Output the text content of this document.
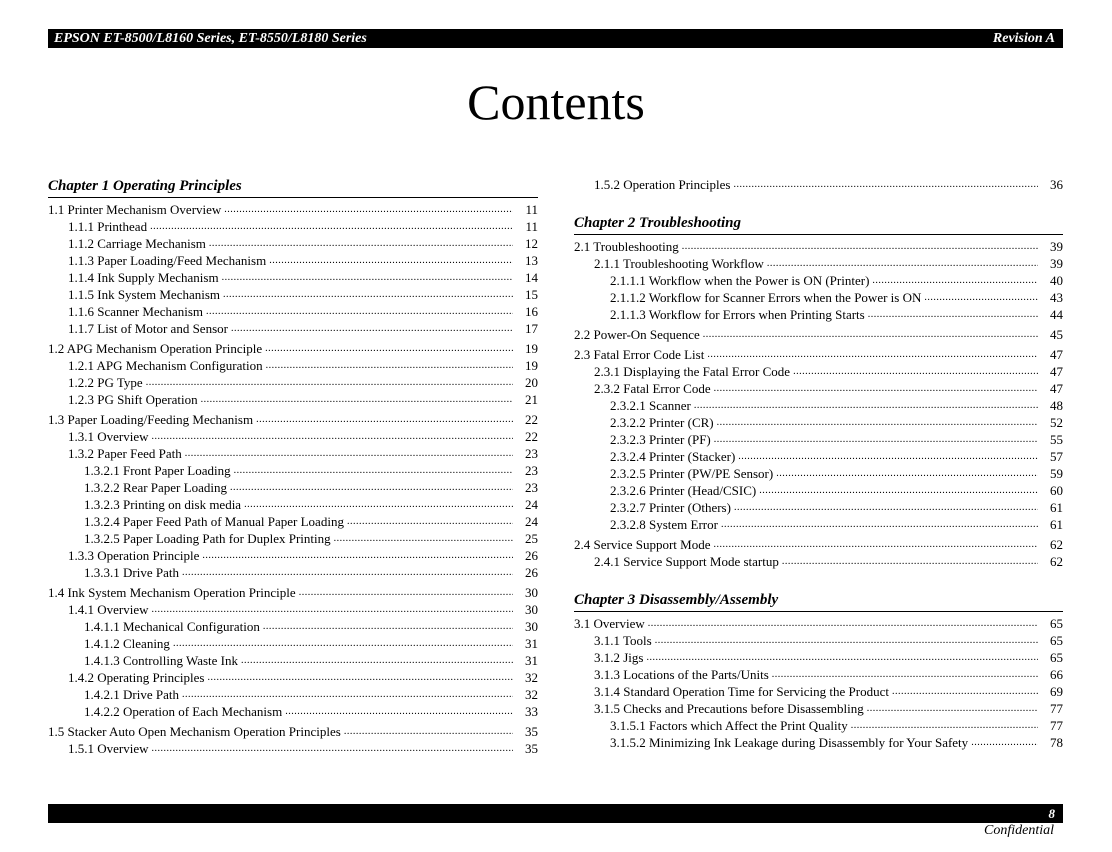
EPSON ET-8500/L8160 Series, ET-8550/L8180 Series	Revision A
Contents
Chapter 1 Operating Principles
1.1 Printer Mechanism Overview .....	11
1.1.1 Printhead .....	11
1.1.2 Carriage Mechanism .....	12
1.1.3 Paper Loading/Feed Mechanism .....	13
1.1.4 Ink Supply Mechanism .....	14
1.1.5 Ink System Mechanism .....	15
1.1.6 Scanner Mechanism .....	16
1.1.7 List of Motor and Sensor .....	17
1.2 APG Mechanism Operation Principle .....	19
1.2.1 APG Mechanism Configuration .....	19
1.2.2 PG Type .....	20
1.2.3 PG Shift Operation .....	21
1.3 Paper Loading/Feeding Mechanism .....	22
1.3.1 Overview .....	22
1.3.2 Paper Feed Path .....	23
1.3.2.1 Front Paper Loading .....	23
1.3.2.2 Rear Paper Loading .....	23
1.3.2.3 Printing on disk media .....	24
1.3.2.4 Paper Feed Path of Manual Paper Loading .....	24
1.3.2.5 Paper Loading Path for Duplex Printing .....	25
1.3.3 Operation Principle .....	26
1.3.3.1 Drive Path .....	26
1.4 Ink System Mechanism Operation Principle .....	30
1.4.1 Overview .....	30
1.4.1.1 Mechanical Configuration .....	30
1.4.1.2 Cleaning .....	31
1.4.1.3 Controlling Waste Ink .....	31
1.4.2 Operating Principles .....	32
1.4.2.1 Drive Path .....	32
1.4.2.2 Operation of Each Mechanism .....	33
1.5 Stacker Auto Open Mechanism Operation Principles .....	35
1.5.1 Overview .....	35
1.5.2 Operation Principles .....	36
Chapter 2 Troubleshooting
2.1 Troubleshooting .....	39
2.1.1 Troubleshooting Workflow .....	39
2.1.1.1 Workflow when the Power is ON (Printer) .....	40
2.1.1.2 Workflow for Scanner Errors when the Power is ON .....	43
2.1.1.3 Workflow for Errors when Printing Starts .....	44
2.2 Power-On Sequence .....	45
2.3 Fatal Error Code List .....	47
2.3.1 Displaying the Fatal Error Code .....	47
2.3.2 Fatal Error Code .....	47
2.3.2.1 Scanner .....	48
2.3.2.2 Printer (CR) .....	52
2.3.2.3 Printer (PF) .....	55
2.3.2.4 Printer (Stacker) .....	57
2.3.2.5 Printer (PW/PE Sensor) .....	59
2.3.2.6 Printer (Head/CSIC) .....	60
2.3.2.7 Printer (Others) .....	61
2.3.2.8 System Error .....	61
2.4 Service Support Mode .....	62
2.4.1 Service Support Mode startup .....	62
Chapter 3 Disassembly/Assembly
3.1 Overview .....	65
3.1.1 Tools .....	65
3.1.2 Jigs .....	65
3.1.3 Locations of the Parts/Units .....	66
3.1.4 Standard Operation Time for Servicing the Product .....	69
3.1.5 Checks and Precautions before Disassembling .....	77
3.1.5.1 Factors which Affect the Print Quality .....	77
3.1.5.2 Minimizing Ink Leakage during Disassembly for Your Safety .....	78
8
Confidential
